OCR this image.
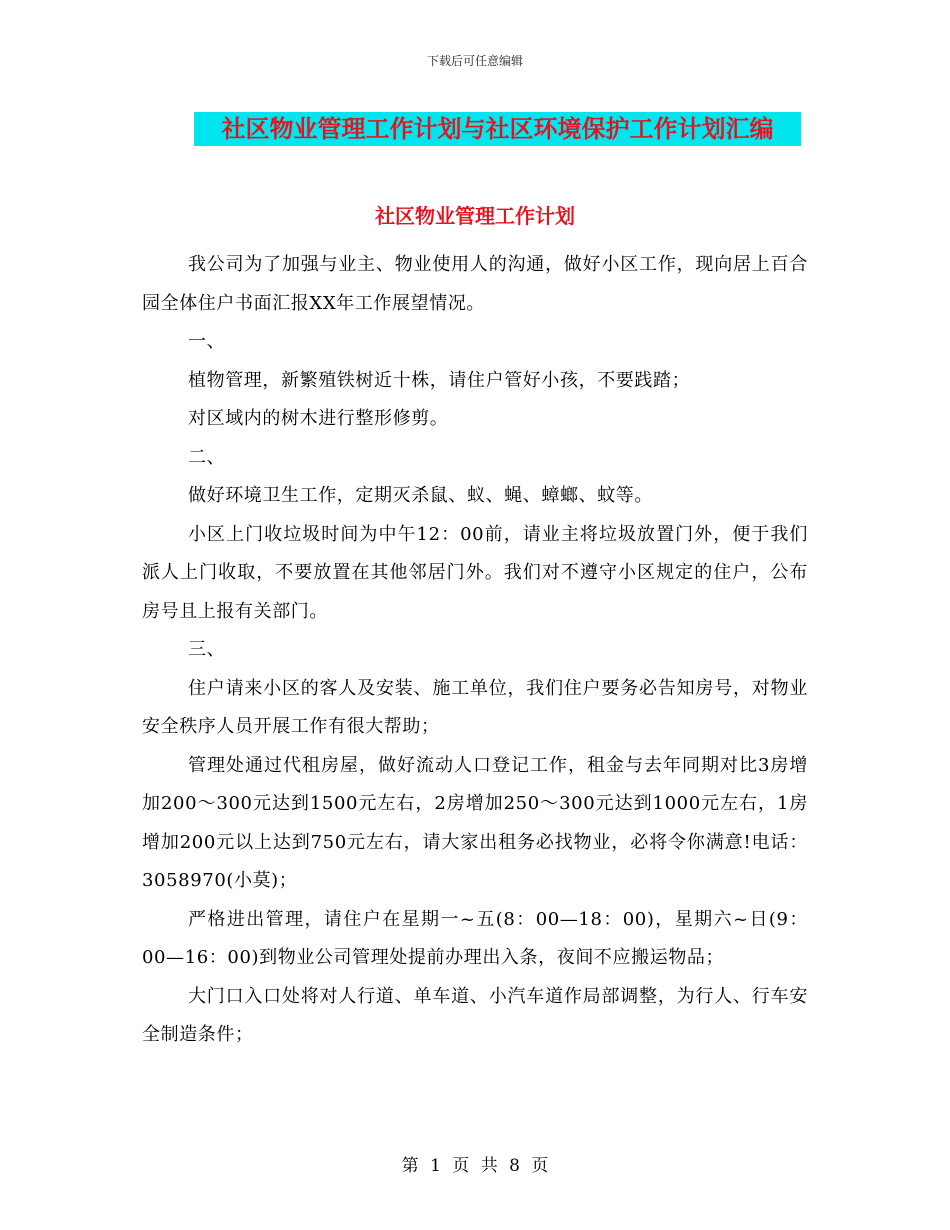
下载后可任意编辑
社区物业管理工作计划与社区环境保护工作计划汇编
社区物业管理工作计划

我公司为了加强与业主、物业使用人的沟通，做好小区工作，现向居上百合园全体住户书面汇报XX年工作展望情况。

一、

植物管理，新繁殖铁树近十株，请住户管好小孩，不要践踏；

对区域内的树木进行整形修剪。

二、

做好环境卫生工作，定期灭杀鼠、蚁、蝇、蟑螂、蚊等。

小区上门收垃圾时间为中午12：00前，请业主将垃圾放置门外，便于我们派人上门收取，不要放置在其他邻居门外。我们对不遵守小区规定的住户，公布房号且上报有关部门。

三、

住户请来小区的客人及安装、施工单位，我们住户要务必告知房号，对物业安全秩序人员开展工作有很大帮助；

管理处通过代租房屋，做好流动人口登记工作，租金与去年同期对比3房增加200～300元达到1500元左右，2房增加250～300元达到1000元左右，1房增加200元以上达到750元左右，请大家出租务必找物业，必将令你满意!电话：3058970(小莫)；

严格进出管理，请住户在星期一~五(8：00—18：00)，星期六~日(9：00—16：00)到物业公司管理处提前办理出入条，夜间不应搬运物品；

大门口入口处将对人行道、单车道、小汽车道作局部调整，为行人、行车安全制造条件；

第 1 页 共 8 页
